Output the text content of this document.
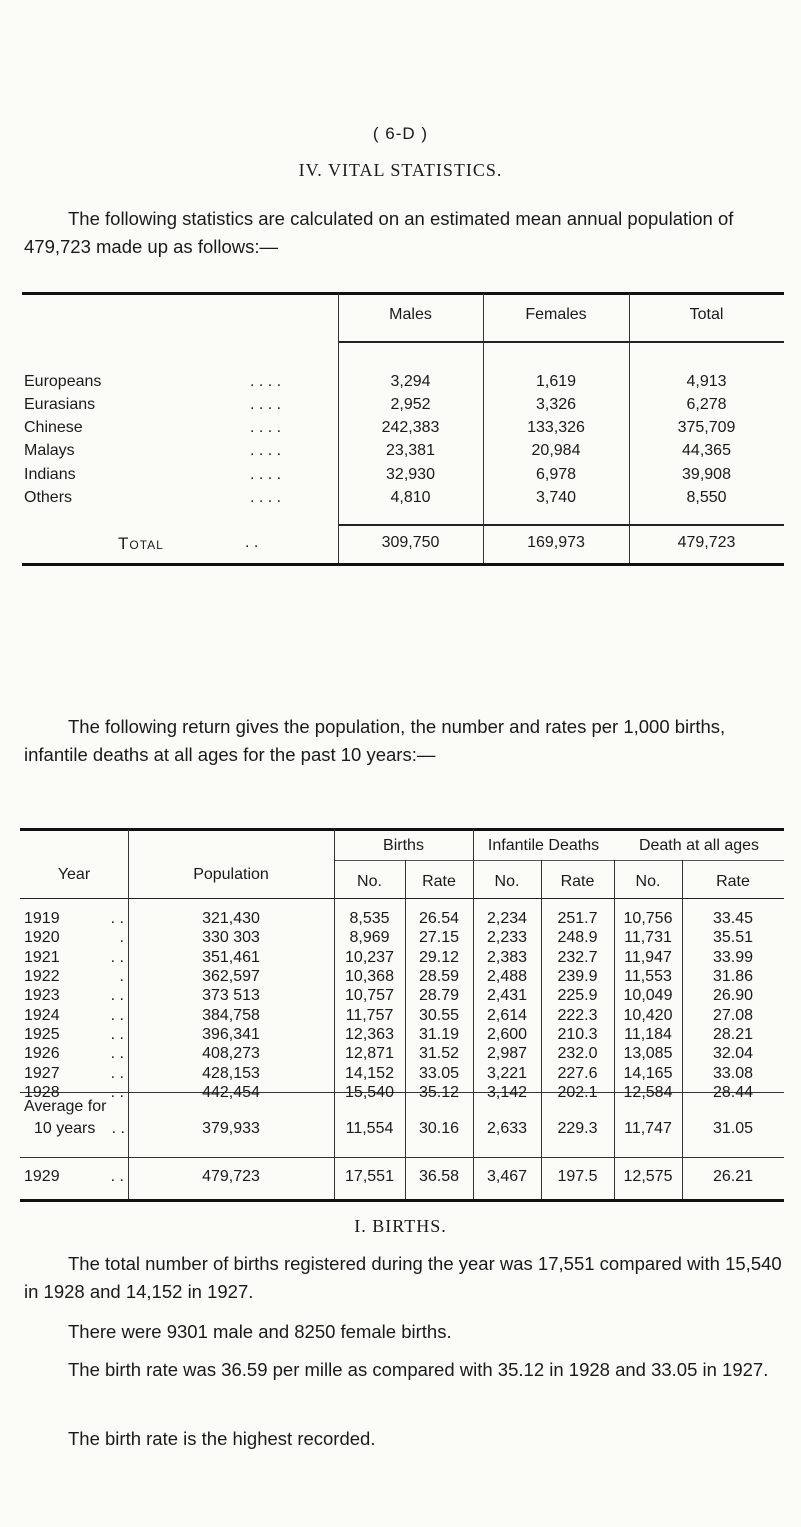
( 6-D )
IV. VITAL STATISTICS.
The following statistics are calculated on an estimated mean annual population of 479,723 made up as follows:—
Males	Females	Total
Europeans	. . . .	3,294	1,619	4,913
Eurasians	. . . .	2,952	3,326	6,278
Chinese	. . . .	242,383	133,326	375,709
Malays	. . . .	23,381	20,984	44,365
Indians	. . . .	32,930	6,978	39,908
Others	. . . .	4,810	3,740	8,550
Total	. .	309,750	169,973	479,723
Year	Population
Births	Infantile Deaths	Death at all ages
No.	Rate	No.	Rate	No.	Rate
1919	. .	321,430	8,535	26.54	2,234	251.7	10,756	33.45
1920	.	330 303	8,969	27.15	2,233	248.9	11,731	35.51
1921	. .	351,461	10,237	29.12	2,383	232.7	11,947	33.99
1922	.	362,597	10,368	28.59	2,488	239.9	11,553	31.86
1923	. .	373 513	10,757	28.79	2,431	225.9	10,049	26.90
1924	. .	384,758	11,757	30.55	2,614	222.3	10,420	27.08
1925	. .	396,341	12,363	31.19	2,600	210.3	11,184	28.21
1926	. .	408,273	12,871	31.52	2,987	232.0	13,085	32.04
1927	. .	428,153	14,152	33.05	3,221	227.6	14,165	33.08
1928	. .	442,454	15,540	35.12	3,142	202.1	12,584	28.44
Average for
10 years	. .	379,933	11,554	30.16	2,633	229.3	11,747	31.05
1929	. .	479,723	17,551	36.58	3,467	197.5	12,575	26.21
I. BIRTHS.
The total number of births registered during the year was 17,551 compared with 15,540 in 1928 and 14,152 in 1927.
There were 9301 male and 8250 female births.
The birth rate was 36.59 per mille as compared with 35.12 in 1928 and 33.05 in 1927.
The birth rate is the highest recorded.
The following return gives the population, the number and rates per 1,000 births, infantile deaths at all ages for the past 10 years:—
